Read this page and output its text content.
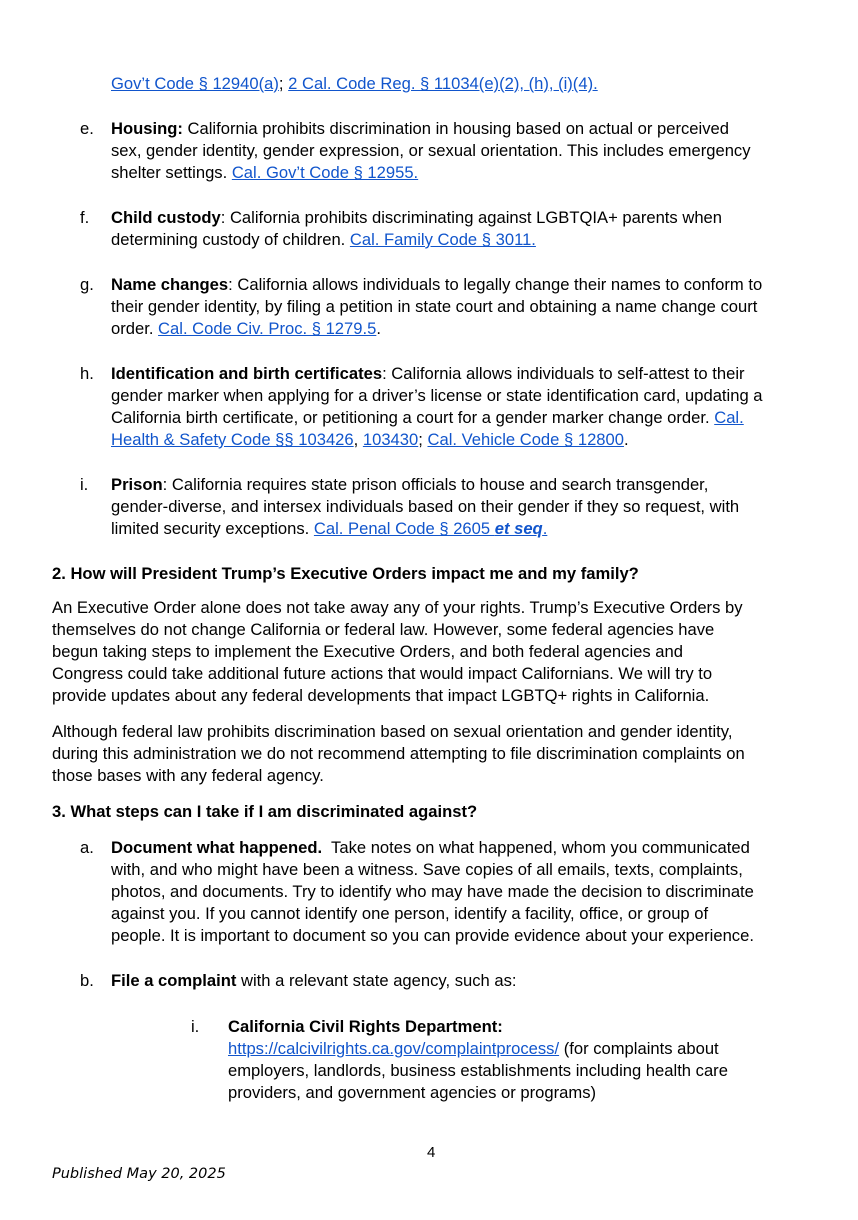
Gov’t Code § 12940(a); 2 Cal. Code Reg. § 11034(e)(2), (h), (i)(4).
e. Housing: California prohibits discrimination in housing based on actual or perceived
sex, gender identity, gender expression, or sexual orientation. This includes emergency
shelter settings. Cal. Gov’t Code § 12955.
f. Child custody: California prohibits discriminating against LGBTQIA+ parents when
determining custody of children. Cal. Family Code § 3011.
g. Name changes: California allows individuals to legally change their names to conform to
their gender identity, by filing a petition in state court and obtaining a name change court
order. Cal. Code Civ. Proc. § 1279.5.
h. Identification and birth certificates: California allows individuals to self-attest to their
gender marker when applying for a driver’s license or state identification card, updating a
California birth certificate, or petitioning a court for a gender marker change order. Cal.
Health & Safety Code §§ 103426, 103430; Cal. Vehicle Code § 12800.
i. Prison: California requires state prison officials to house and search transgender,
gender-diverse, and intersex individuals based on their gender if they so request, with
limited security exceptions. Cal. Penal Code § 2605 et seq.
2. How will President Trump’s Executive Orders impact me and my family?
An Executive Order alone does not take away any of your rights. Trump’s Executive Orders by
themselves do not change California or federal law. However, some federal agencies have
begun taking steps to implement the Executive Orders, and both federal agencies and
Congress could take additional future actions that would impact Californians. We will try to
provide updates about any federal developments that impact LGBTQ+ rights in California.
Although federal law prohibits discrimination based on sexual orientation and gender identity,
during this administration we do not recommend attempting to file discrimination complaints on
those bases with any federal agency.
3. What steps can I take if I am discriminated against?
a. Document what happened.  Take notes on what happened, whom you communicated
with, and who might have been a witness. Save copies of all emails, texts, complaints,
photos, and documents. Try to identify who may have made the decision to discriminate
against you. If you cannot identify one person, identify a facility, office, or group of
people. It is important to document so you can provide evidence about your experience.
b. File a complaint with a relevant state agency, such as:
i. California Civil Rights Department:
https://calcivilrights.ca.gov/complaintprocess/ (for complaints about
employers, landlords, business establishments including health care
providers, and government agencies or programs)
4
Published May 20, 2025
